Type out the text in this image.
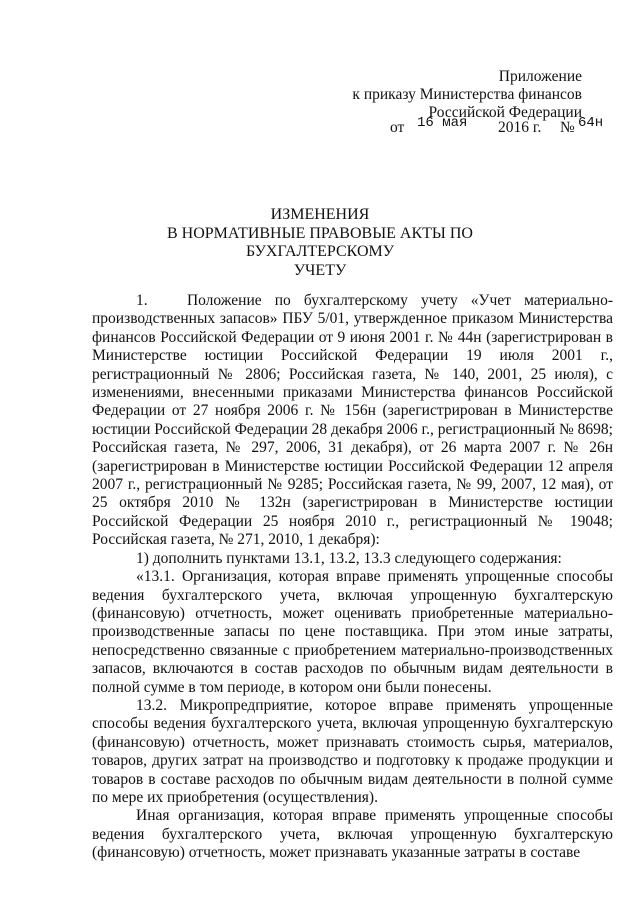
Приложение
к приказу Министерства финансов
Российской Федерации
от 16 мая 2016 г. № 64н
ИЗМЕНЕНИЯ
В НОРМАТИВНЫЕ ПРАВОВЫЕ АКТЫ ПО БУХГАЛТЕРСКОМУ
УЧЕТУ

1.   Положение по бухгалтерскому учету «Учет материально-производственных запасов» ПБУ 5/01, утвержденное приказом Министерства финансов Российской Федерации от 9 июня 2001 г. № 44н (зарегистрирован в Министерстве юстиции Российской Федерации 19 июля 2001 г., регистрационный № 2806; Российская газета, № 140, 2001, 25 июля), с изменениями, внесенными приказами Министерства финансов Российской Федерации от 27 ноября 2006 г. № 156н (зарегистрирован в Министерстве юстиции Российской Федерации 28 декабря 2006 г., регистрационный № 8698; Российская газета, № 297, 2006, 31 декабря), от 26 марта 2007 г. № 26н (зарегистрирован в Министерстве юстиции Российской Федерации 12 апреля 2007 г., регистрационный № 9285; Российская газета, № 99, 2007, 12 мая), от 25 октября 2010 № 132н (зарегистрирован в Министерстве юстиции Российской Федерации 25 ноября 2010 г., регистрационный № 19048; Российская газета, № 271, 2010, 1 декабря):

1) дополнить пунктами 13.1, 13.2, 13.3 следующего содержания:

«13.1. Организация, которая вправе применять упрощенные способы ведения бухгалтерского учета, включая упрощенную бухгалтерскую (финансовую) отчетность, может оценивать приобретенные материально-производственные запасы по цене поставщика. При этом иные затраты, непосредственно связанные с приобретением материально-производственных запасов, включаются в состав расходов по обычным видам деятельности в полной сумме в том периоде, в котором они были понесены.

13.2. Микропредприятие, которое вправе применять упрощенные способы ведения бухгалтерского учета, включая упрощенную бухгалтерскую (финансовую) отчетность, может признавать стоимость сырья, материалов, товаров, других затрат на производство и подготовку к продаже продукции и товаров в составе расходов по обычным видам деятельности в полной сумме по мере их приобретения (осуществления).

Иная организация, которая вправе применять упрощенные способы ведения бухгалтерского учета, включая упрощенную бухгалтерскую (финансовую) отчетность, может признавать указанные затраты в составе
